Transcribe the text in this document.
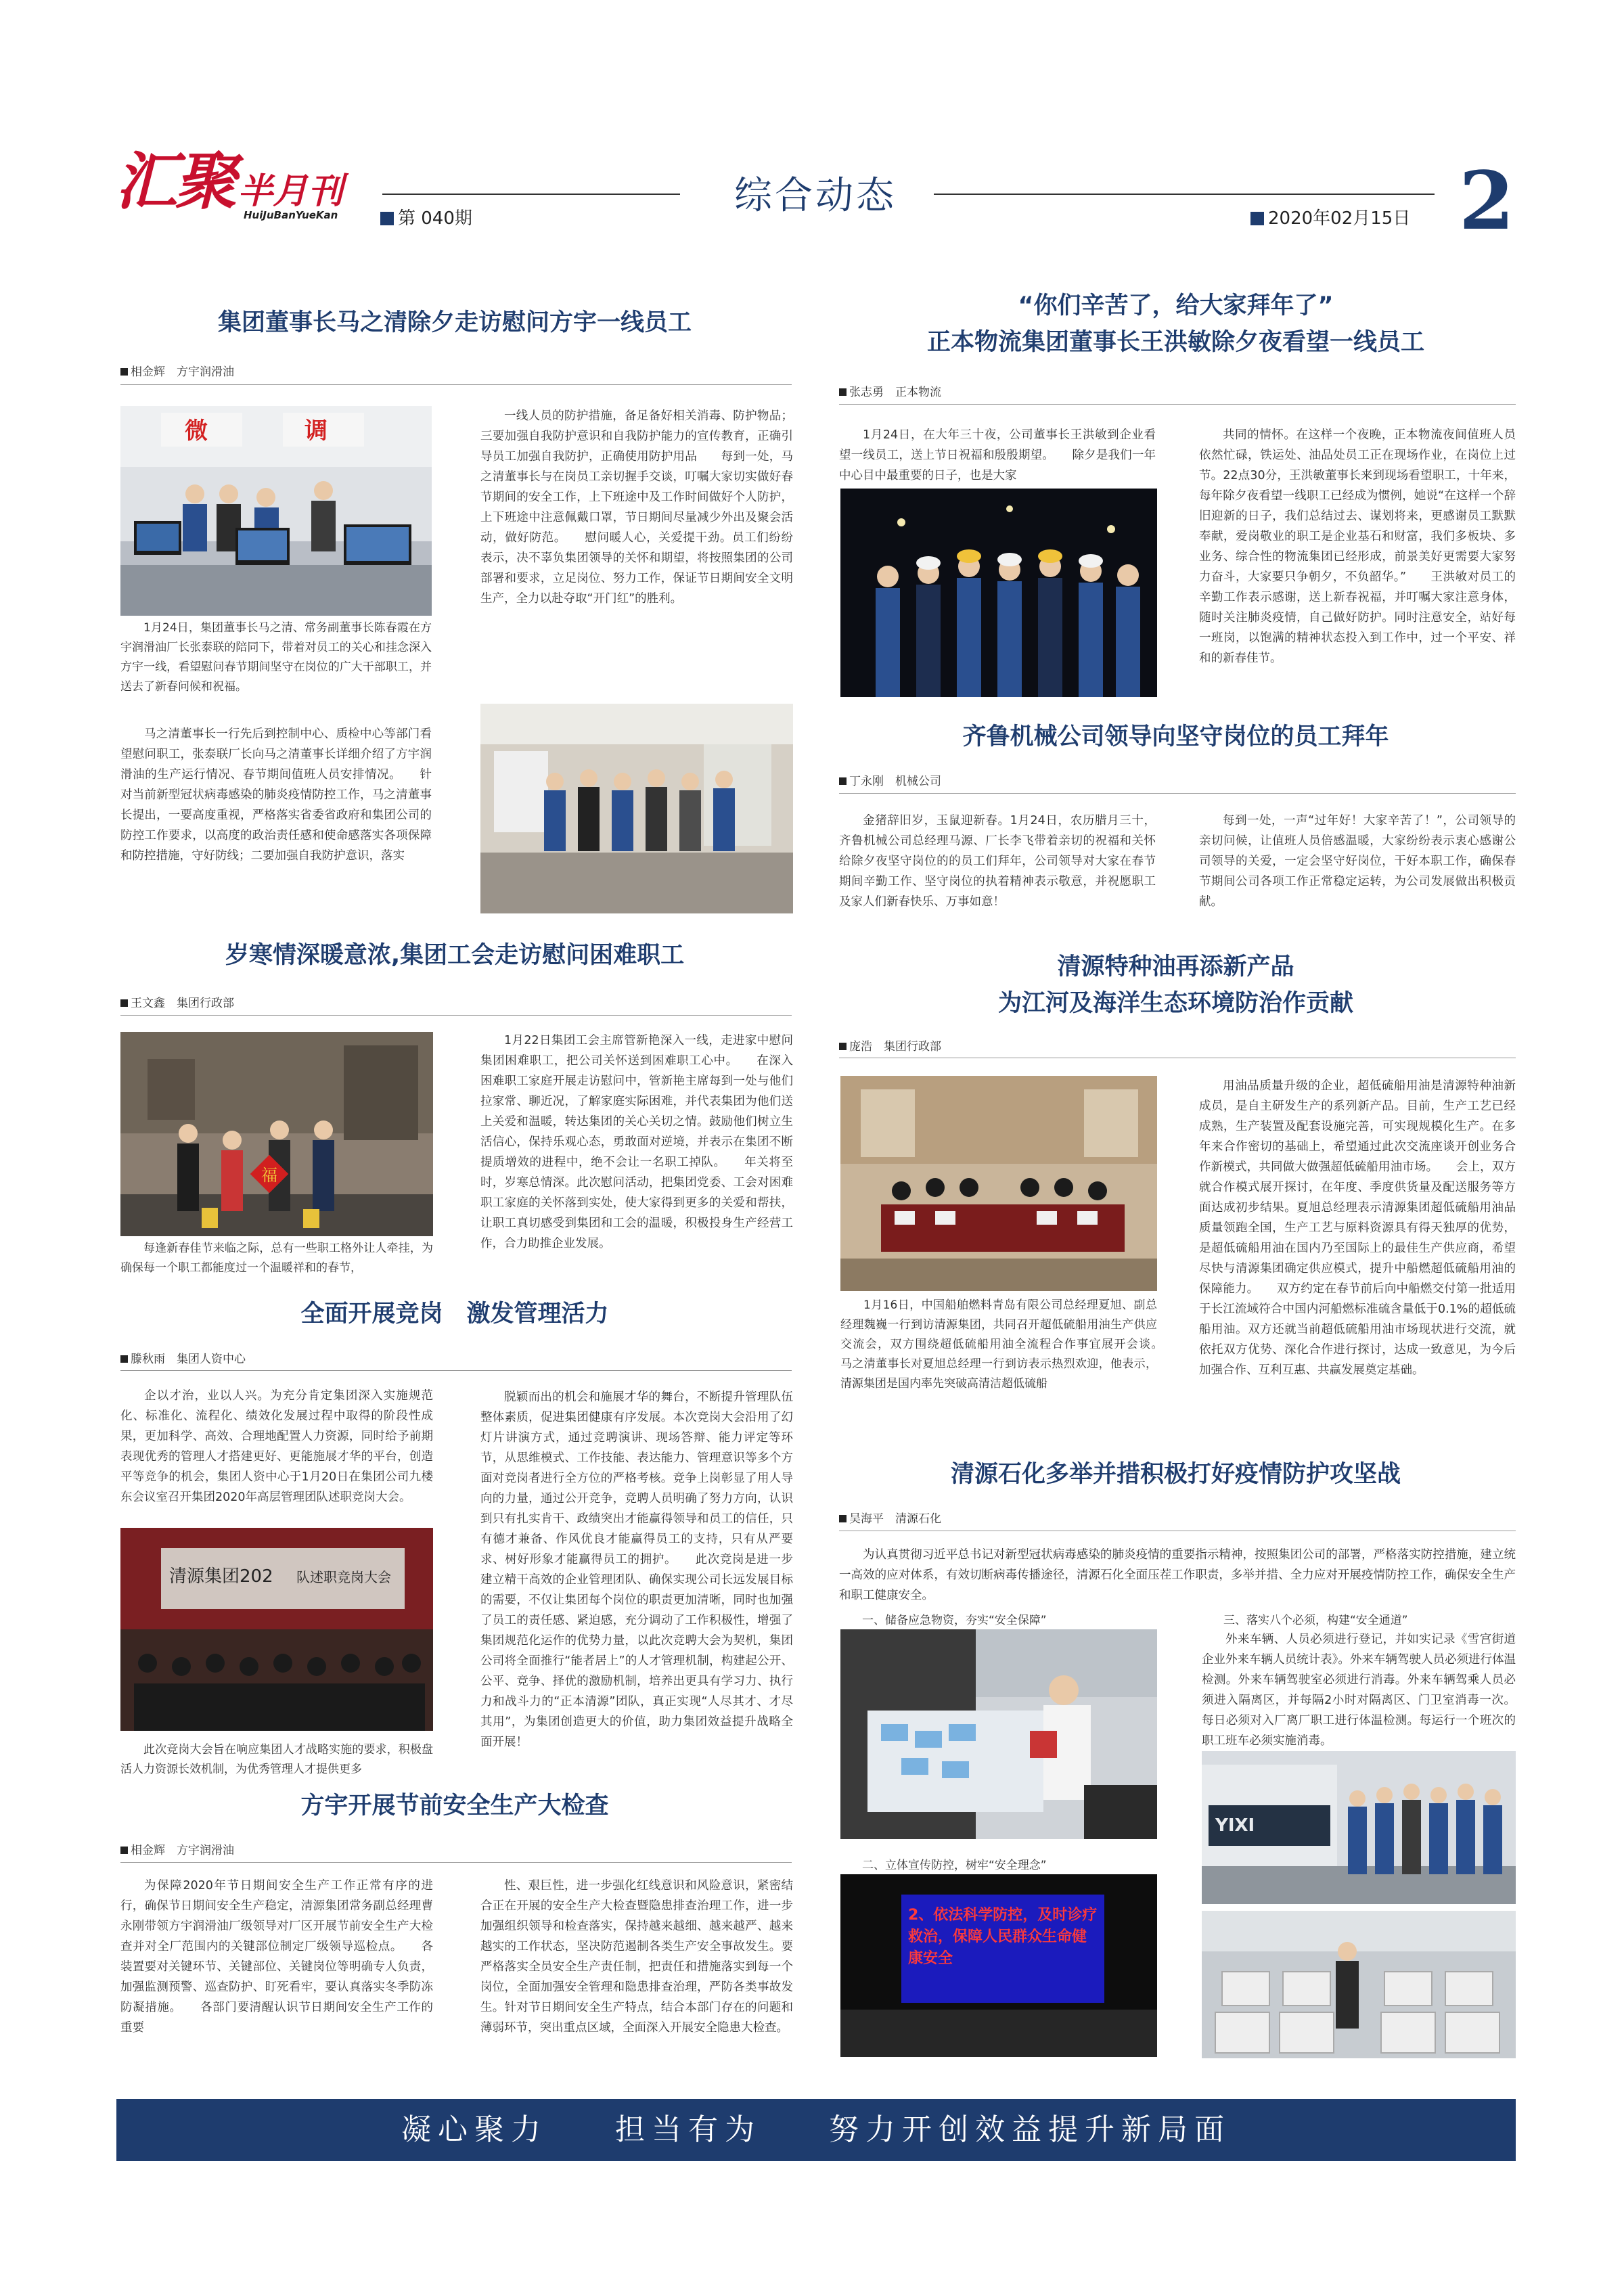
汇聚 半月刊
HuiJuBanYueKan	综合动态
第 040期	2020年02月15日 2
集团董事长马之清除夕走访慰问方宇一线员工
相金辉　方宇润滑油
微	调
1月24日，集团董事长马之清、常务副董事长陈春霞在方宇润滑油厂长张泰联的陪同下，带着对员工的关心和挂念深入方宇一线，看望慰问春节期间坚守在岗位的广大干部职工，并送去了新春问候和祝福。
马之清董事长一行先后到控制中心、质检中心等部门看望慰问职工，张泰联厂长向马之清董事长详细介绍了方宇润滑油的生产运行情况、春节期间值班人员安排情况。　　针对当前新型冠状病毒感染的肺炎疫情防控工作，马之清董事长提出，一要高度重视，严格落实省委省政府和集团公司的防控工作要求，以高度的政治责任感和使命感落实各项保障和防控措施，守好防线；二要加强自我防护意识，落实
一线人员的防护措施，备足备好相关消毒、防护物品；三要加强自我防护意识和自我防护能力的宣传教育，正确引导员工加强自我防护，正确使用防护用品　　每到一处，马之清董事长与在岗员工亲切握手交谈，叮嘱大家切实做好春节期间的安全工作，上下班途中及工作时间做好个人防护，上下班途中注意佩戴口罩，节日期间尽量减少外出及聚会活动，做好防范。　　慰问暖人心，关爱提干劲。员工们纷纷表示，决不辜负集团领导的关怀和期望，将按照集团的公司部署和要求，立足岗位、努力工作，保证节日期间安全文明生产，全力以赴夺取“开门红”的胜利。
岁寒情深暖意浓,集团工会走访慰问困难职工
王文鑫　集团行政部
福
每逢新春佳节来临之际，总有一些职工格外让人牵挂，为确保每一个职工都能度过一个温暖祥和的春节，
1月22日集团工会主席管新艳深入一线，走进家中慰问集团困难职工，把公司关怀送到困难职工心中。　　在深入困难职工家庭开展走访慰问中，管新艳主席每到一处与他们拉家常、聊近况，了解家庭实际困难，并代表集团为他们送上关爱和温暖，转达集团的关心关切之情。鼓励他们树立生活信心，保持乐观心态，勇敢面对逆境，并表示在集团不断提质增效的进程中，绝不会让一名职工掉队。　　年关将至时，岁寒总情深。此次慰问活动，把集团党委、工会对困难职工家庭的关怀落到实处，使大家得到更多的关爱和帮扶，让职工真切感受到集团和工会的温暖，积极投身生产经营工作，合力助推企业发展。
全面开展竞岗　激发管理活力
滕秋雨　集团人资中心
企以才治，业以人兴。为充分肯定集团深入实施规范化、标准化、流程化、绩效化发展过程中取得的阶段性成果，更加科学、高效、合理地配置人力资源，同时给予前期表现优秀的管理人才搭建更好、更能施展才华的平台，创造平等竞争的机会，集团人资中心于1月20日在集团公司九楼东会议室召开集团2020年高层管理团队述职竞岗大会。
清源集团202 队述职竞岗大会
此次竞岗大会旨在响应集团人才战略实施的要求，积极盘活人力资源长效机制，为优秀管理人才提供更多
脱颖而出的机会和施展才华的舞台，不断提升管理队伍整体素质，促进集团健康有序发展。本次竞岗大会沿用了幻灯片讲演方式，通过竞聘演讲、现场答辩、能力评定等环节，从思维模式、工作技能、表达能力、管理意识等多个方面对竞岗者进行全方位的严格考核。竞争上岗彰显了用人导向的力量，通过公开竞争，竞聘人员明确了努力方向，认识到只有扎实肯干、政绩突出才能赢得领导和员工的信任，只有德才兼备、作风优良才能赢得员工的支持，只有从严要求、树好形象才能赢得员工的拥护。　　此次竞岗是进一步建立精干高效的企业管理团队、确保实现公司长远发展目标的需要，不仅让集团每个岗位的职责更加清晰，同时也加强了员工的责任感、紧迫感，充分调动了工作积极性，增强了集团规范化运作的优势力量，以此次竞聘大会为契机，集团公司将全面推行“能者居上”的人才管理机制，构建起公开、公平、竞争、择优的激励机制，培养出更具有学习力、执行力和战斗力的“正本清源”团队，真正实现“人尽其才、才尽其用”，为集团创造更大的价值，助力集团效益提升战略全面开展！
方宇开展节前安全生产大检查
相金辉　方宇润滑油
为保障2020年节日期间安全生产工作正常有序的进行，确保节日期间安全生产稳定，清源集团常务副总经理曹永刚带领方宇润滑油厂级领导对厂区开展节前安全生产大检查并对全厂范围内的关键部位制定厂级领导巡检点。　　各装置要对关键环节、关键部位、关键岗位等明确专人负责，加强监测预警、巡查防护、盯死看牢，要认真落实冬季防冻防凝措施。　　各部门要清醒认识节日期间安全生产工作的重要
性、艰巨性，进一步强化红线意识和风险意识，紧密结合正在开展的安全生产大检查暨隐患排查治理工作，进一步加强组织领导和检查落实，保持越来越细、越来越严、越来越实的工作状态，坚决防范遏制各类生产安全事故发生。要严格落实全员安全生产责任制，把责任和措施落实到每一个岗位，全面加强安全管理和隐患排查治理，严防各类事故发生。针对节日期间安全生产特点，结合本部门存在的问题和薄弱环节，突出重点区域，全面深入开展安全隐患大检查。
“你们辛苦了，给大家拜年了”
正本物流集团董事长王洪敏除夕夜看望一线员工
张志勇　正本物流
1月24日，在大年三十夜，公司董事长王洪敏到企业看望一线员工，送上节日祝福和殷殷期望。　　除夕是我们一年中心目中最重要的日子，也是大家
共同的情怀。在这样一个夜晚，正本物流夜间值班人员依然忙碌，铁运处、油品处员工正在现场作业，在岗位上过节。22点30分，王洪敏董事长来到现场看望职工，十年来，每年除夕夜看望一线职工已经成为惯例，她说“在这样一个辞旧迎新的日子，我们总结过去、谋划将来，更感谢员工默默奉献，爱岗敬业的职工是企业基石和财富，我们多板块、多业务、综合性的物流集团已经形成，前景美好更需要大家努力奋斗，大家要只争朝夕，不负韶华。”　　王洪敏对员工的辛勤工作表示感谢，送上新春祝福，并叮嘱大家注意身体，随时关注肺炎疫情，自己做好防护。同时注意安全，站好每一班岗，以饱满的精神状态投入到工作中，过一个平安、祥和的新春佳节。
齐鲁机械公司领导向坚守岗位的员工拜年
丁永刚　机械公司
金猪辞旧岁，玉鼠迎新春。1月24日，农历腊月三十，齐鲁机械公司总经理马源、厂长李飞带着亲切的祝福和关怀给除夕夜坚守岗位的的员工们拜年，公司领导对大家在春节期间辛勤工作、坚守岗位的执着精神表示敬意，并祝愿职工及家人们新春快乐、万事如意！
每到一处，一声“过年好！大家辛苦了！”，公司领导的亲切问候，让值班人员倍感温暖，大家纷纷表示衷心感谢公司领导的关爱，一定会坚守好岗位，干好本职工作，确保春节期间公司各项工作正常稳定运转，为公司发展做出积极贡献。
清源特种油再添新产品
为江河及海洋生态环境防治作贡献
庞浩　集团行政部
1月16日，中国船舶燃料青岛有限公司总经理夏旭、副总经理魏巍一行到访清源集团，共同召开超低硫船用油生产供应交流会，双方围绕超低硫船用油全流程合作事宜展开会谈。　　马之清董事长对夏旭总经理一行到访表示热烈欢迎，他表示，清源集团是国内率先突破高清洁超低硫船
用油品质量升级的企业，超低硫船用油是清源特种油新成员，是自主研发生产的系列新产品。目前，生产工艺已经成熟，生产装置及配套设施完善，可实现规模化生产。在多年来合作密切的基础上，希望通过此次交流座谈开创业务合作新模式，共同做大做强超低硫船用油市场。　　会上，双方就合作模式展开探讨，在年度、季度供货量及配送服务等方面达成初步结果。夏旭总经理表示清源集团超低硫船用油品质量领跑全国，生产工艺与原料资源具有得天独厚的优势，是超低硫船用油在国内乃至国际上的最佳生产供应商，希望尽快与清源集团确定供应模式，提升中船燃超低硫船用油的保障能力。　　双方约定在春节前后向中船燃交付第一批适用于长江流域符合中国内河船燃标准硫含量低于0.1%的超低硫船用油。双方还就当前超低硫船用油市场现状进行交流，就依托双方优势、深化合作进行探讨，达成一致意见，为今后加强合作、互利互惠、共赢发展奠定基础。
清源石化多举并措积极打好疫情防护攻坚战
吴海平　清源石化
为认真贯彻习近平总书记对新型冠状病毒感染的肺炎疫情的重要指示精神，按照集团公司的部署，严格落实防控措施，建立统一高效的应对体系，有效切断病毒传播途径，清源石化全面压茬工作职责，多举并措、全力应对开展疫情防控工作，确保安全生产和职工健康安全。
一、储备应急物资，夯实“安全保障”
二、立体宣传防控，树牢“安全理念”
2、依法科学防控，及时诊疗救治，保障人民群众生命健康安全
三、落实八个必须，构建“安全通道”
外来车辆、人员必须进行登记，并如实记录《雪宫街道企业外来车辆人员统计表》。外来车辆驾驶人员必须进行体温检测。外来车辆驾驶室必须进行消毒。外来车辆驾乘人员必须进入隔离区，并每隔2小时对隔离区、门卫室消毒一次。每日必须对入厂离厂职工进行体温检测。每运行一个班次的职工班车必须实施消毒。
YIXI
凝心聚力 担当有为 努力开创效益提升新局面
